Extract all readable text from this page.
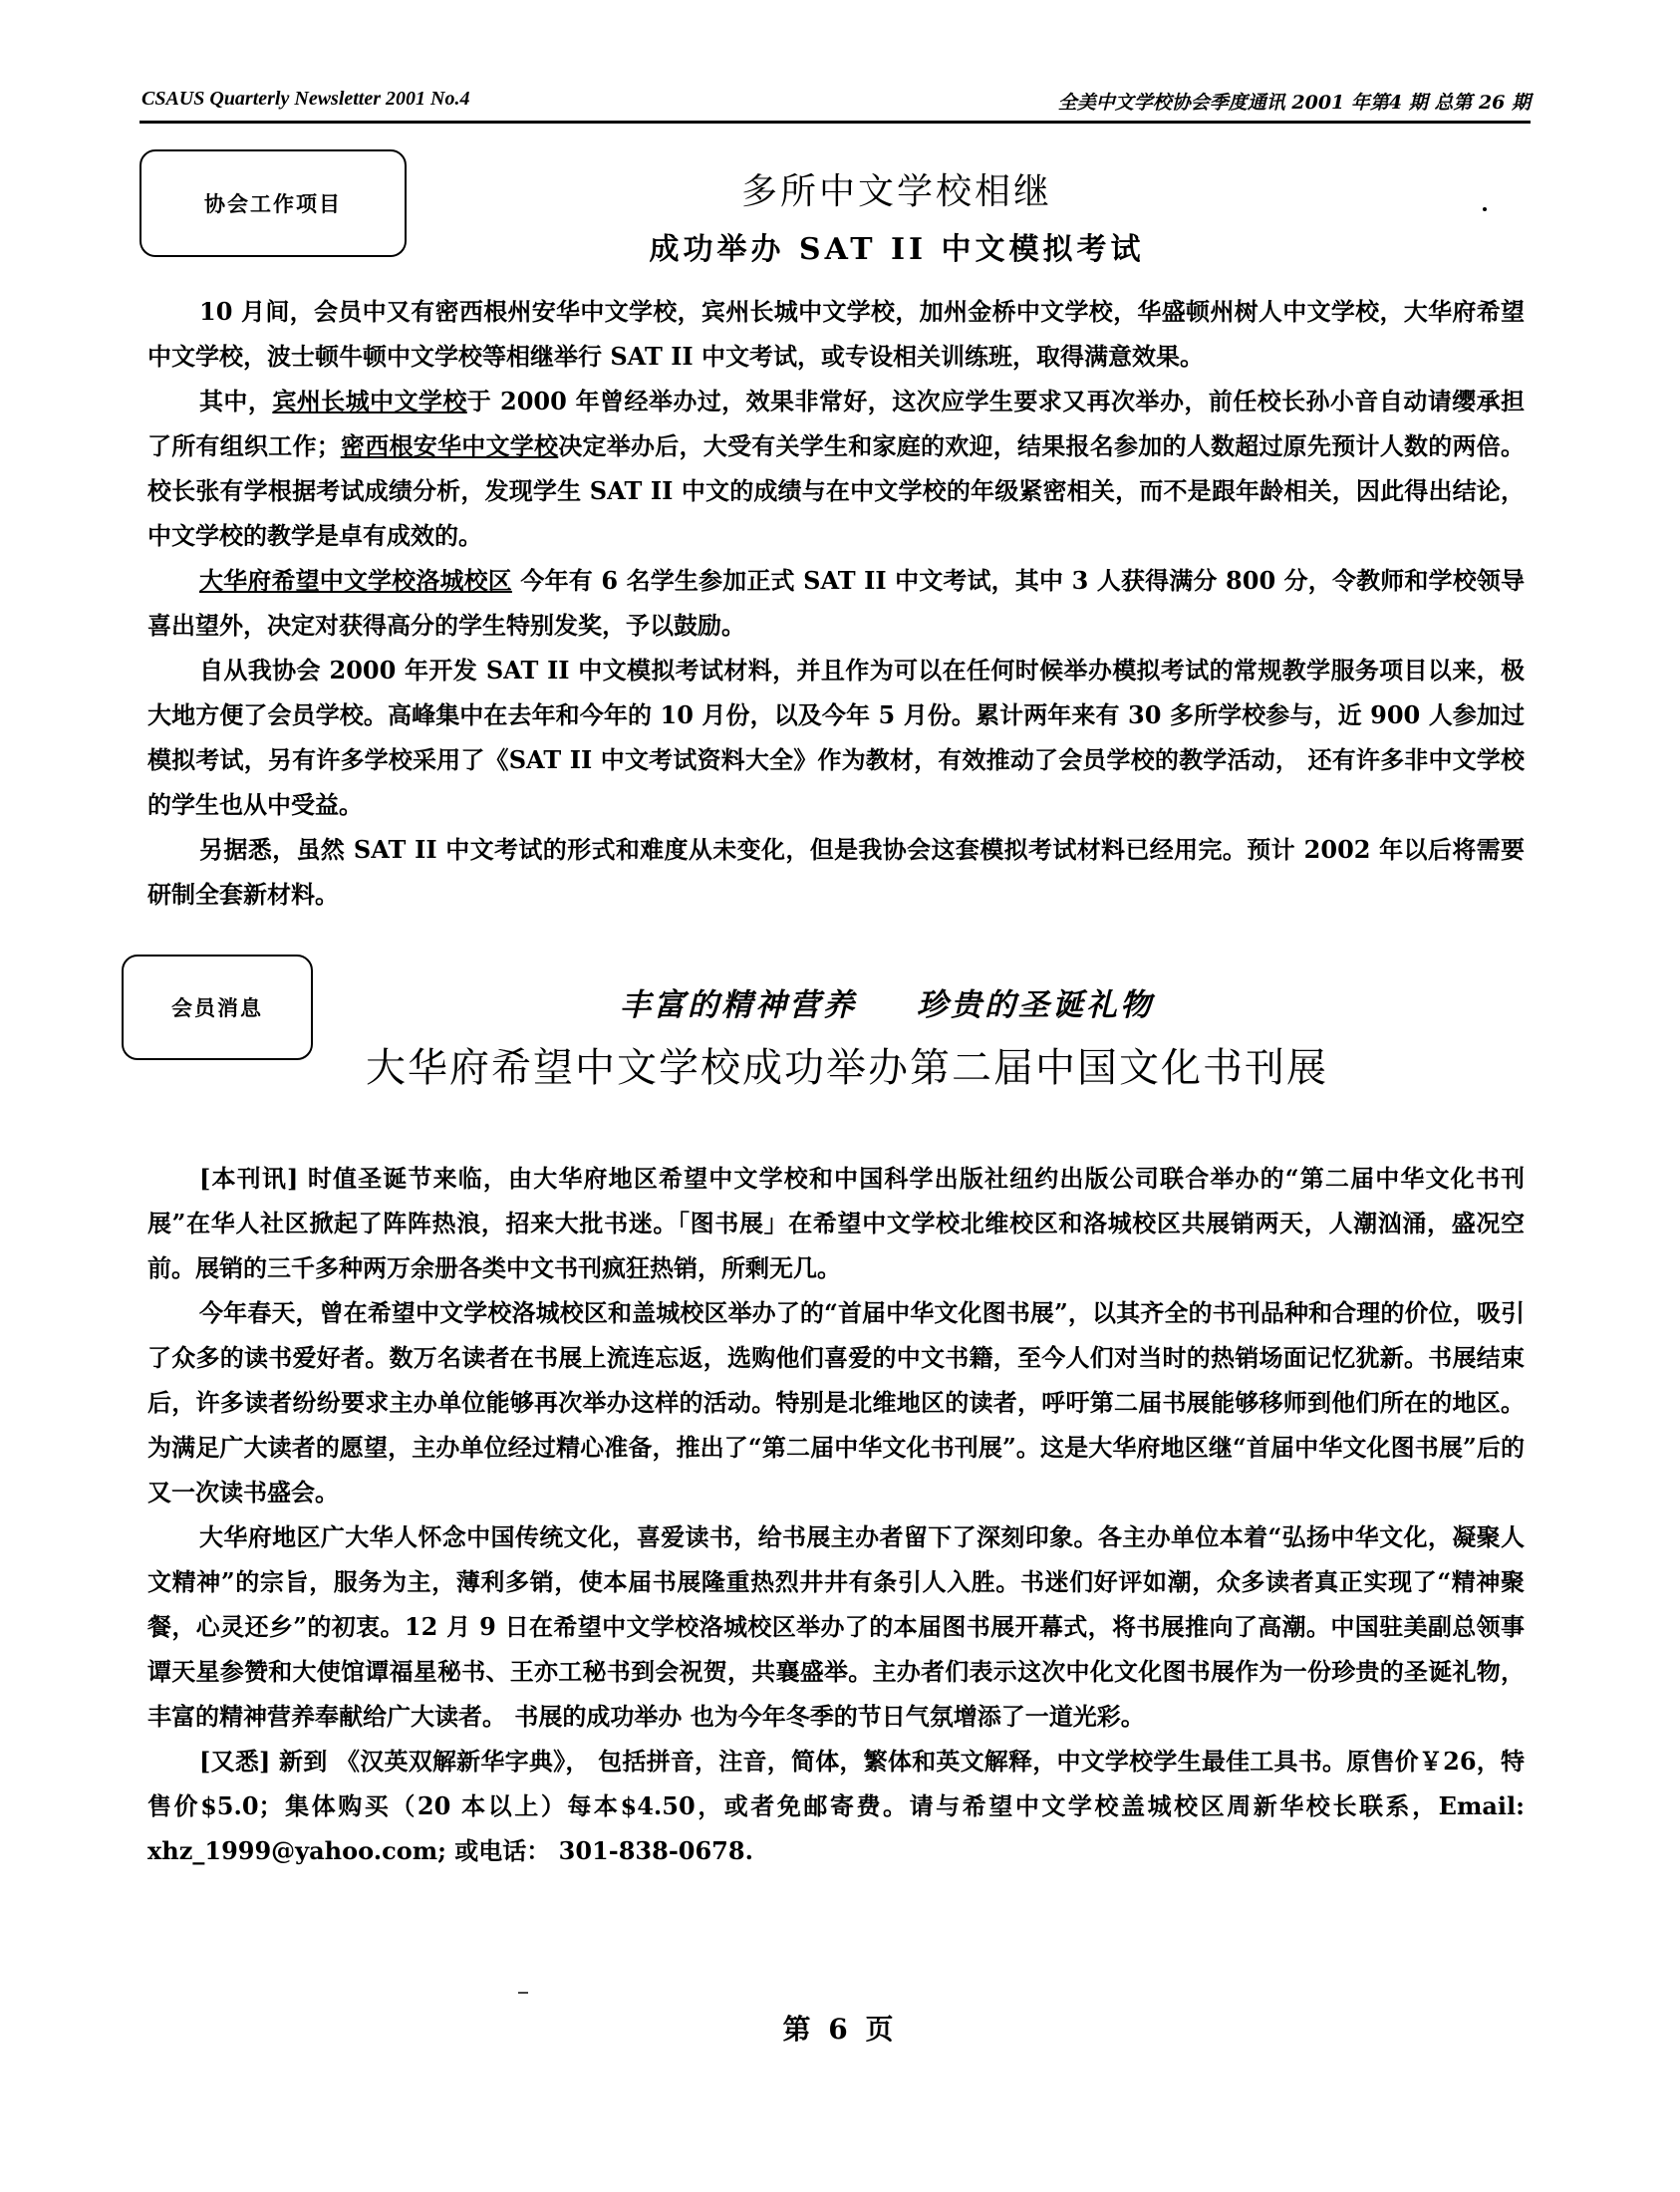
CSAUS Quarterly Newsletter 2001 No.4	全美中文学校协会季度通讯 2001 年第4 期 总第 26 期
协会工作项目	多所中文学校相继
成功举办 SAT II 中文模拟考试

10 月间，会员中又有密西根州安华中文学校，宾州长城中文学校，加州金桥中文学校，华盛顿州树人中文学校，大华府希望中文学校，波士顿牛顿中文学校等相继举行 SAT II 中文考试，或专设相关训练班，取得满意效果。

其中，宾州长城中文学校于 2000 年曾经举办过，效果非常好，这次应学生要求又再次举办，前任校长孙小音自动请缨承担了所有组织工作；密西根安华中文学校决定举办后，大受有关学生和家庭的欢迎，结果报名参加的人数超过原先预计人数的两倍。校长张有学根据考试成绩分析，发现学生 SAT II 中文的成绩与在中文学校的年级紧密相关，而不是跟年龄相关，因此得出结论，中文学校的教学是卓有成效的。

大华府希望中文学校洛城校区 今年有 6 名学生参加正式 SAT II 中文考试，其中 3 人获得满分 800 分，令教师和学校领导喜出望外，决定对获得高分的学生特别发奖，予以鼓励。

自从我协会 2000 年开发 SAT II 中文模拟考试材料，并且作为可以在任何时候举办模拟考试的常规教学服务项目以来，极大地方便了会员学校。高峰集中在去年和今年的 10 月份，以及今年 5 月份。累计两年来有 30 多所学校参与，近 900 人参加过模拟考试，另有许多学校采用了《SAT II 中文考试资料大全》作为教材，有效推动了会员学校的教学活动， 还有许多非中文学校的学生也从中受益。

另据悉，虽然 SAT II 中文考试的形式和难度从未变化，但是我协会这套模拟考试材料已经用完。预计 2002 年以后将需要研制全套新材料。

会员消息	丰富的精神营养 珍贵的圣诞礼物
大华府希望中文学校成功举办第二届中国文化书刊展

[本刊讯] 时值圣诞节来临，由大华府地区希望中文学校和中国科学出版社纽约出版公司联合举办的“第二届中华文化书刊展”在华人社区掀起了阵阵热浪，招来大批书迷。「图书展」在希望中文学校北维校区和洛城校区共展销两天，人潮汹涌，盛况空前。展销的三千多种两万余册各类中文书刊疯狂热销，所剩无几。

今年春天，曾在希望中文学校洛城校区和盖城校区举办了的“首届中华文化图书展”，以其齐全的书刊品种和合理的价位，吸引了众多的读书爱好者。数万名读者在书展上流连忘返，选购他们喜爱的中文书籍，至今人们对当时的热销场面记忆犹新。书展结束后，许多读者纷纷要求主办单位能够再次举办这样的活动。特别是北维地区的读者，呼吁第二届书展能够移师到他们所在的地区。为满足广大读者的愿望，主办单位经过精心准备，推出了“第二届中华文化书刊展”。这是大华府地区继“首届中华文化图书展”后的又一次读书盛会。

大华府地区广大华人怀念中国传统文化，喜爱读书，给书展主办者留下了深刻印象。各主办单位本着“弘扬中华文化，凝聚人文精神”的宗旨，服务为主，薄利多销，使本届书展隆重热烈井井有条引人入胜。书迷们好评如潮，众多读者真正实现了“精神聚餐，心灵还乡”的初衷。12 月 9 日在希望中文学校洛城校区举办了的本届图书展开幕式，将书展推向了高潮。中国驻美副总领事谭天星参赞和大使馆谭福星秘书、王亦工秘书到会祝贺，共襄盛举。主办者们表示这次中化文化图书展作为一份珍贵的圣诞礼物，丰富的精神营养奉献给广大读者。 书展的成功举办 也为今年冬季的节日气氛增添了一道光彩。

[又悉] 新到 《汉英双解新华字典》， 包括拼音，注音，简体，繁体和英文解释，中文学校学生最佳工具书。原售价￥26，特售价$5.0；集体购买（20 本以上）每本$4.50，或者免邮寄费。请与希望中文学校盖城校区周新华校长联系，Email: xhz_1999@yahoo.com; 或电话： 301-838-0678.

第 6 页
